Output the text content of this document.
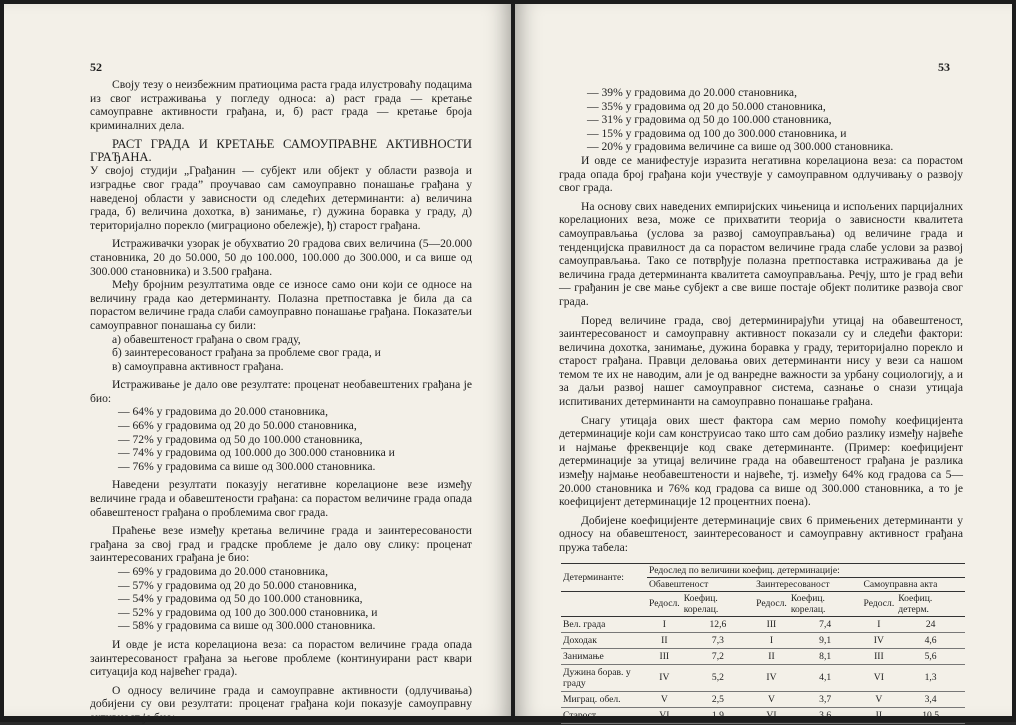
52

Своју тезу о неизбежним пратиоцима раста града илустроваћу подацима из свог истраживања у погледу односа: а) раст града — кретање самоуправне активности грађана, и, б) раст града — кретање броја криминалних дела.

РАСТ ГРАДА И КРЕТАЊЕ САМОУПРАВНЕ АКТИВНОСТИ ГРАЂАНА.

У својој студији „Грађанин — субјект или објект у области развоја и изградње свог града” проучавао сам самоуправно понашање грађана у наведеној области у зависности од следећих детерминанти: а) величина града, б) величина дохотка, в) занимање, г) дужина боравка у граду, д) територијално порекло (миграционо обележје), ђ) старост грађана.

Истраживачки узорак је обухватио 20 градова свих величина (5—20.000 становника, 20 до 50.000, 50 до 100.000, 100.000 до 300.000, и са више од 300.000 становника) и 3.500 грађана.

Међу бројним резултатима овде се износе само они који се односе на величину града као детерминанту. Полазна претпоставка је била да са порастом величине града слаби самоуправно понашање грађана. Показатељи самоуправног понашања су били:

а) обавештеност грађана о свом граду,

б) заинтересованост грађана за проблеме свог града, и

в) самоуправна активност грађана.

Истраживање је дало ове резултате: проценат необавештених грађана је био:

— 64% у градовима до 20.000 становника,

— 66% у градовима од 20 до 50.000 становника,

— 72% у градовима од 50 до 100.000 становника,

— 74% у градовима од 100.000 до 300.000 становника и

— 76% у градовима са више од 300.000 становника.

Наведени резултати показују негативне корелационе везе између величине града и обавештености грађана: са порастом величине града опада обавештеност грађана о проблемима свог града.

Праћење везе између кретања величине града и заинтересованости грађана за свој град и градске проблеме је дало ову слику: проценат заинтересованих грађана је био:

— 69% у градовима до 20.000 становника,

— 57% у градовима од 20 до 50.000 становника,

— 54% у градовима од 50 до 100.000 становника,

— 52% у градовима од 100 до 300.000 становника, и

— 58% у градовима са више од 300.000 становника.

И овде је иста корелациона веза: са порастом величине града опада заинтересованост грађана за његове проблеме (континуирани раст квари ситуација код највећег града).

О односу величине града и самоуправне активности (одлучивања) добијени су ови резултати: проценат грађана који показује самоуправну активност је био:

53

— 39% у градовима до 20.000 становника,

— 35% у градовима од 20 до 50.000 становника,

— 31% у градовима од 50 до 100.000 становника,

— 15% у градовима од 100 до 300.000 становника, и

— 20% у градовима величине са више од 300.000 становника.

И овде се манифестује изразита негативна корелациона веза: са порастом града опада број грађана који учествује у самоуправном одлучивању о развоју свог града.

На основу свих наведених емпиријских чињеница и испољених парцијалних корелационих веза, може се прихватити теорија о зависности квалитета самоуправљања (услова за развој самоуправљања) од величине града и тенденцијска правилност да са порастом величине града слабе услови за развој самоуправљања. Тако се потврђује полазна претпоставка истраживања да је величина града детерминанта квалитета самоуправљања. Речју, што је град већи — грађанин је све мање субјект а све више постаје објект политике развоја свог града.

Поред величине града, свој детерминирајући утицај на обавештеност, заинтересованост и самоуправну активност показали су и следећи фактори: величина дохотка, занимање, дужина боравка у граду, територијално порекло и старост грађана. Правци деловања ових детерминанти нису у вези са нашом темом те их не наводим, али је од ванредне важности за урбану социологију, а и за даљи развој нашег самоуправног система, сазнање о снази утицаја испитиваних детерминанти на самоуправно понашање грађана.

Снагу утицаја ових шест фактора сам мерио помоћу коефицијента детерминације који сам конструисао тако што сам добио разлику између највеће и најмање фреквенције код свакe детерминанте. (Пример: коефицијент детерминације за утицај величине града на обавештеност грађана је разлика између најмање необавештености и највеће, тј. између 64% код градова са 5—20.000 становника и 76% код градова са више од 300.000 становника, а то је коефицијент детерминације 12 процентних поена).

Добијене коефицијенте детерминације свих 6 примењених детерминанти у односу на обавештеност, заинтересованост и самоуправну активност грађана пружа табела:

Детерминанте:	Редослед по величини коефиц. детерминације:					
	Обавештеност		Заинтересованост		Самоуправна акта	
	Редосл.	Коефиц. корелац.	Редосл.	Коефиц. корелац.	Редосл.	Коефиц. детерм.
Вел. града	I	12,6	III	7,4	I	24
Доходак	II	7,3	I	9,1	IV	4,6
Занимање	III	7,2	II	8,1	III	5,6
Дужина борав. у граду	IV	5,2	IV	4,1	VI	1,3
Миграц. обел.	V	2,5	V	3,7	V	3,4
Старост	VI	1,9	VI	3,6	II	10,5
